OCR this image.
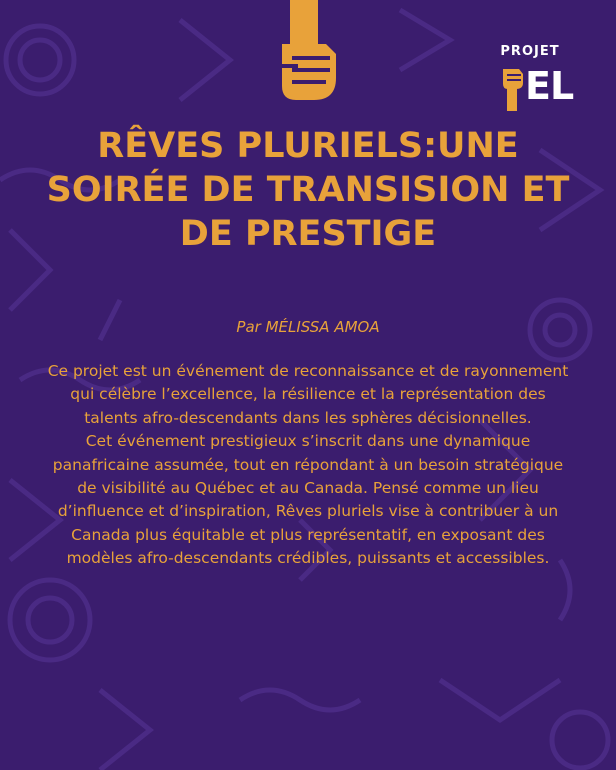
PROJET
EL
RÊVES PLURIELS:UNE SOIRÉE DE TRANSISION ET DE PRESTIGE
Par MÉLISSA AMOA

Ce projet est un événement de reconnaissance et de rayonnement qui célèbre l’excellence, la résilience et la représentation des talents afro-descendants dans les sphères décisionnelles.

Cet événement prestigieux s’inscrit dans une dynamique panafricaine assumée, tout en répondant à un besoin stratégique de visibilité au Québec et au Canada. Pensé comme un lieu d’influence et d’inspiration, Rêves pluriels vise à contribuer à un Canada plus équitable et plus représentatif, en exposant des modèles afro-descendants crédibles, puissants et accessibles.
